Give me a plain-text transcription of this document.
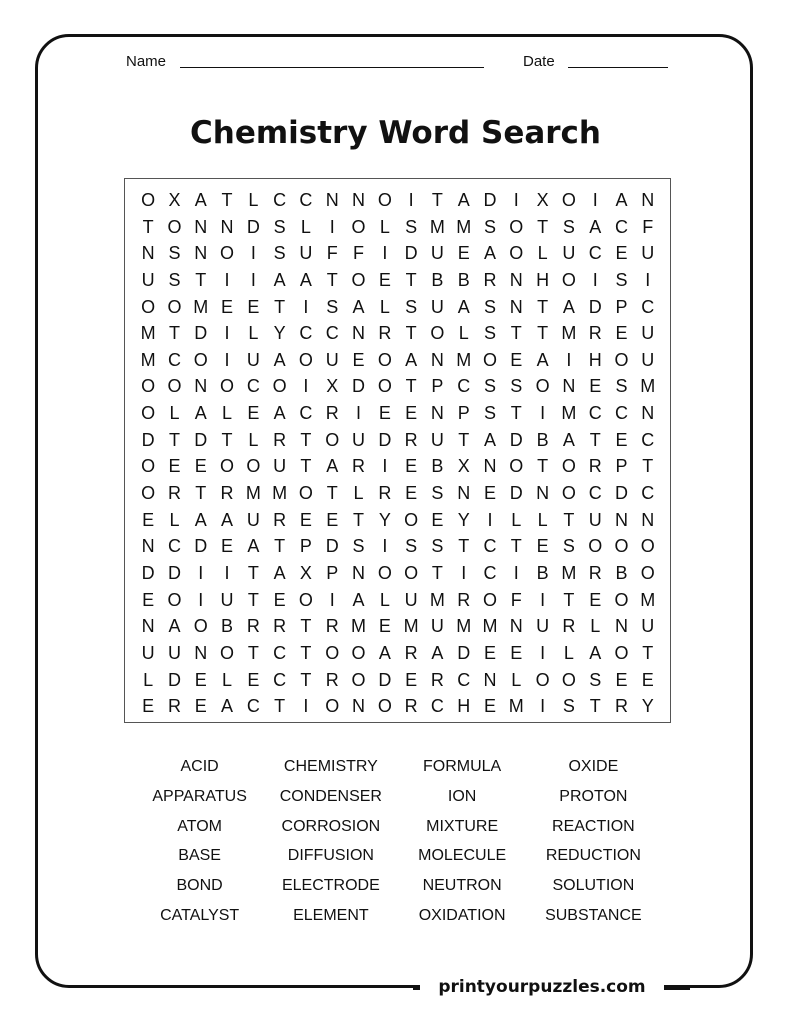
Name	Date
Chemistry Word Search
O X A T L C C N N O I	T A D I X O I A N
T O N N D S L	I O L S M M S O T S A C F
N S N O I S U F F	I D U E A O L U C E U
U S T	I	I A A T O E T B B R N H O I S I
O O M E E T	I S A L S U A S N T A D P C
M T D I	L Y C C N R T O L S T T M R E U
M C O I U A O U E O A N M O E A I H O U
O O N O C O I X D O T P C S S O N E S M
O L A L E A C R I E E N P S T	I M C C N
D T D T L R T O U D R U T A D B A T E C
O E E O O U T A R I E B X N O T O R P T
O R T R M M O T L R E S N E D N O C D C
E L A A U R E E T Y O E Y I	L L T U N N
N C D E A T P D S I S S T C T E S O O O
D D I	I	T A X P N O O T	I C I B M R B O
E O I U T E O I A L U M R O F	I	T E O M
N A O B R R T R M E M U M M N U R L N U
U U N O T C T O O A R A D E E I	L A O T
L D E L E C T R O D E R C N L O O S E E
E R E A C T	I O N O R C H E M I S T R Y
ACID	CHEMISTRY	FORMULA	OXIDE
APPARATUS	CONDENSER	ION	PROTON
ATOM	CORROSION	MIXTURE	REACTION
BASE	DIFFUSION	MOLECULE	REDUCTION
BOND	ELECTRODE	NEUTRON	SOLUTION
CATALYST	ELEMENT	OXIDATION	SUBSTANCE
printyourpuzzles.com
